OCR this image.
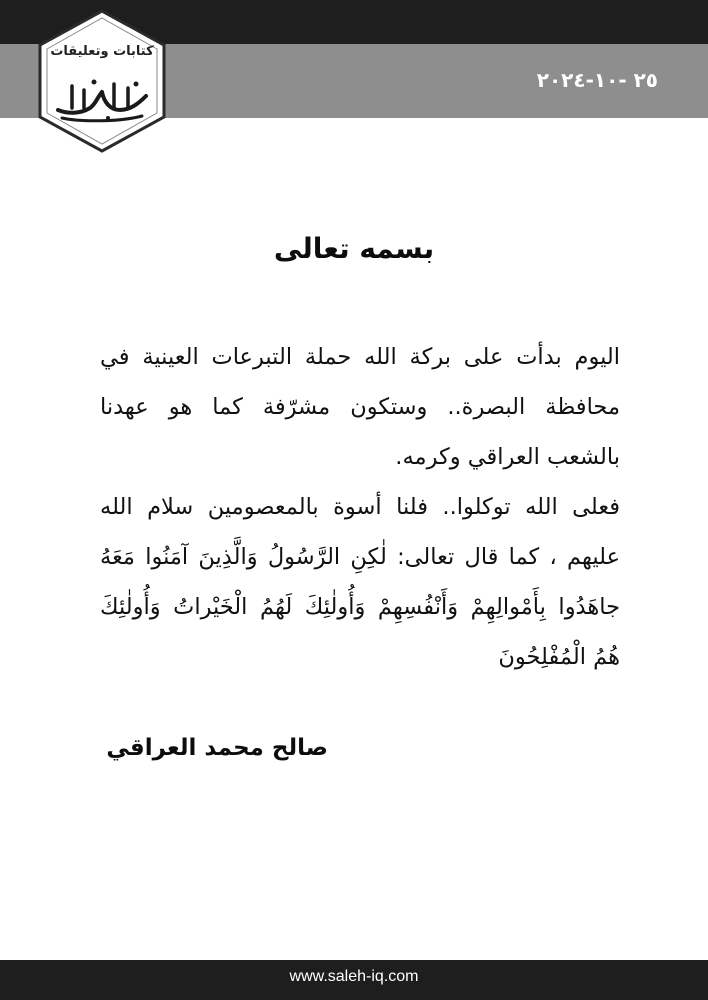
٢٥ -١٠-٢٠٢٤
كتابات وتعليقات
بسمه تعالى

اليوم بدأت على بركة الله حملة التبرعات العينية في محافظة البصرة.. وستكون مشرّفة كما هو عهدنا بالشعب العراقي وكرمه.

فعلى الله توكلوا.. فلنا أسوة بالمعصومين سلام الله عليهم ، كما قال تعالى: لٰكِنِ الرَّسُولُ وَالَّذِينَ آمَنُوا مَعَهُ جاهَدُوا بِأَمْوالِهِمْ وَأَنْفُسِهِمْ وَأُولٰئِكَ لَهُمُ الْخَيْراتُ وَأُولٰئِكَ هُمُ الْمُفْلِحُونَ

صالح محمد العراقي
www.saleh-iq.com
